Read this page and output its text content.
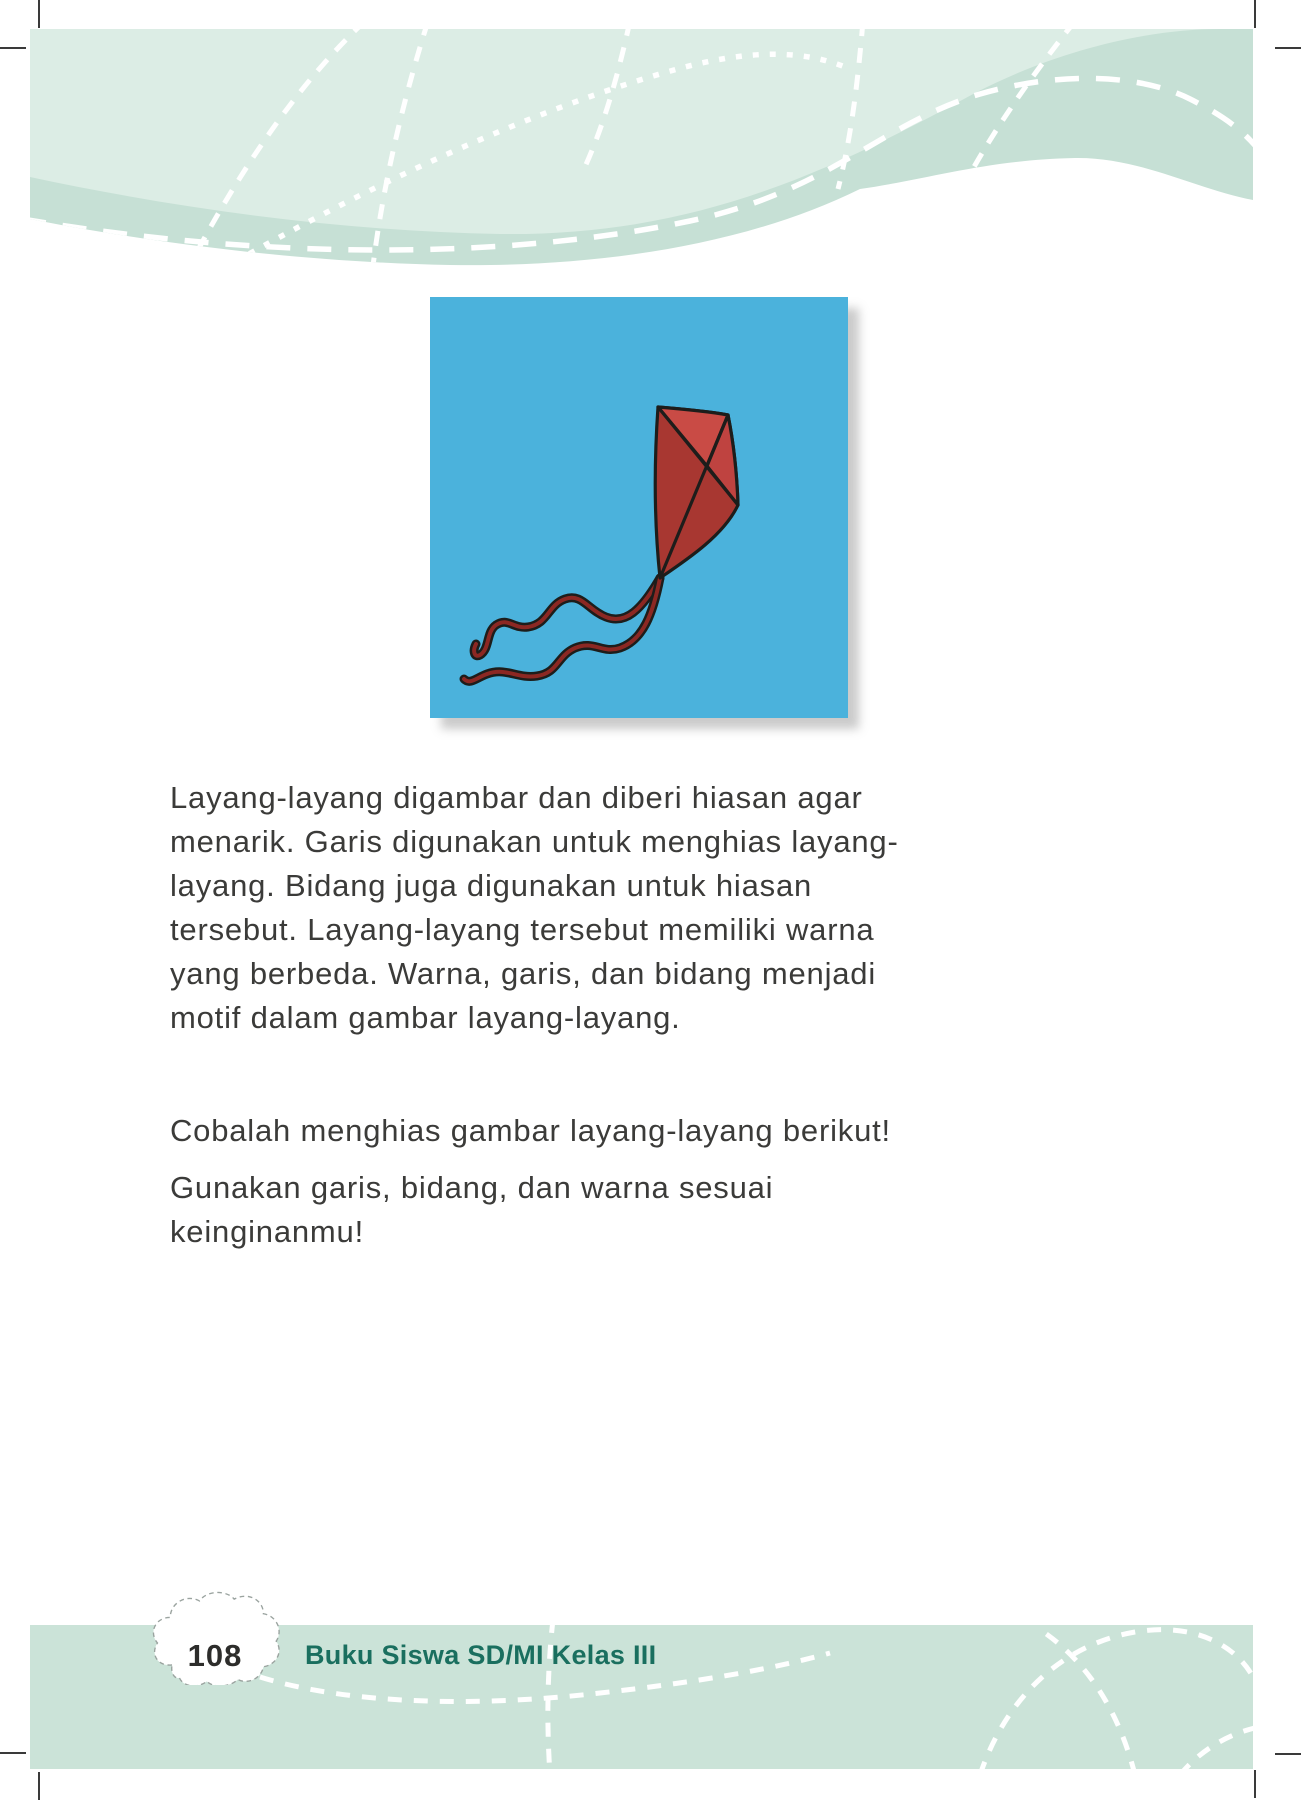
Layang-layang digambar dan diberi hiasan agar
menarik. Garis digunakan untuk menghias layang-
layang. Bidang juga digunakan untuk hiasan
tersebut. Layang-layang tersebut memiliki warna
yang berbeda. Warna, garis, dan bidang menjadi
motif dalam gambar layang-layang.
Cobalah menghias gambar layang-layang berikut!
Gunakan garis, bidang, dan warna sesuai
keinginanmu!
108	Buku Siswa SD/MI Kelas III
